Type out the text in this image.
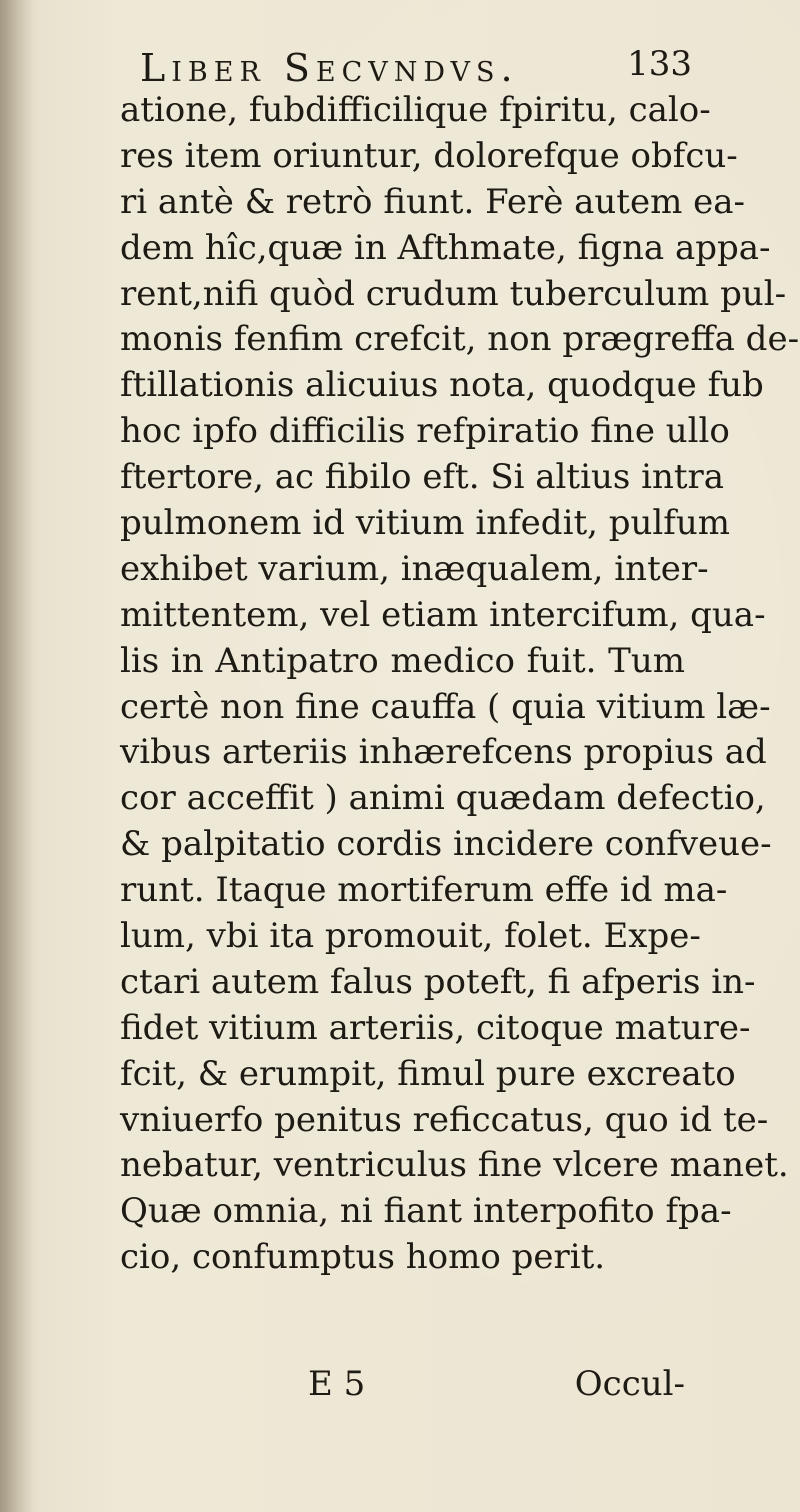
Liber Secvndvs.	133
atione, fubdifficilique fpiritu, calo-
res item oriuntur, dolorefque obfcu-
ri antè & retrò fiunt. Ferè autem ea-
dem hîc,quæ in Afthmate, figna appa-
rent,nifi quòd crudum tuberculum pul-
monis fenfim crefcit, non prægreffa de-
ftillationis alicuius nota, quodque fub
hoc ipfo difficilis refpiratio fine ullo
ftertore, ac fibilo eft. Si altius intra
pulmonem id vitium infedit, pulfum
exhibet varium, inæqualem, inter-
mittentem, vel etiam intercifum, qua-
lis in Antipatro medico fuit. Tum
certè non fine cauffa ( quia vitium læ-
vibus arteriis inhærefcens propius ad
cor acceffit ) animi quædam defectio,
& palpitatio cordis incidere confveue-
runt. Itaque mortiferum effe id ma-
lum, vbi ita promouit, folet. Expe-
ctari autem falus poteft, fi afperis in-
fidet vitium arteriis, citoque mature-
fcit, & erumpit, fimul pure excreato
vniuerfo penitus reficcatus, quo id te-
nebatur, ventriculus fine vlcere manet.
Quæ omnia, ni fiant interpofito fpa-
cio, confumptus homo perit.
E 5	Occul-
